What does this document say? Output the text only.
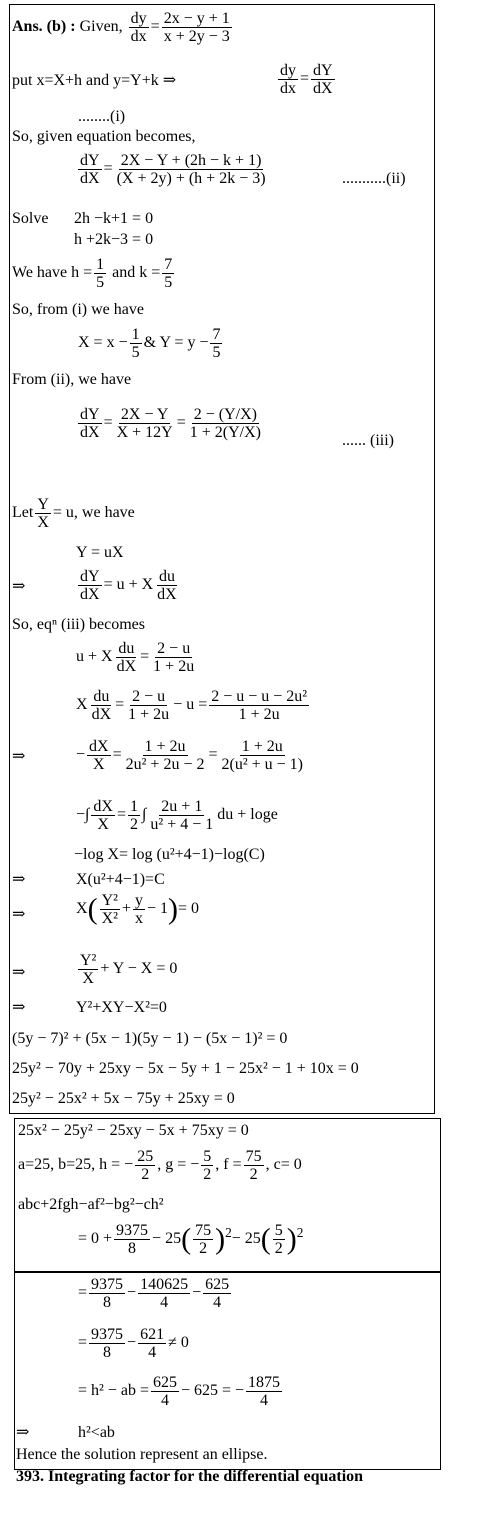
Ans. (b) : Given, $\frac{dy}{dx} = \frac{2x - y + 1}{x + 2y - 3}$
put x=X+h and y=Y+k ⇒	$\frac{dy}{dx} = \frac{dY}{dX}$
........(i)
So, given equation becomes,
$\frac{dY}{dX} = \frac{2X - Y + (2h - k + 1)}{(X + 2y) + (h + 2k - 3)}$	...........(ii)
Solve 2h −k+1 = 0
h +2k−3 = 0
We have $h = \frac{1}{5}$ and $k = \frac{7}{5}$
So, from (i) we have
$X = x - \frac{1}{5}$ & $Y = y - \frac{7}{5}$
From (ii), we have
$\frac{dY}{dX} = \frac{2X - Y}{X + 12Y} = \frac{2 - (Y/X)}{1 + 2(Y/X)}$	...... (iii)
Let $\frac{Y}{X} = u$, we have
Y = uX
⇒	$\frac{dY}{dX} = u + X \frac{du}{dX}$
So, eqⁿ (iii) becomes
u + X $\frac{du}{dX} = \frac{2 - u}{1 + 2u}$
X $\frac{du}{dX} = \frac{2 - u}{1 + 2u} - u = \frac{\text{2 − u − u − 2u²}}{1 + 2u}$
⇒	− $\frac{dX}{X} = \frac{1 + 2u}{\text{2u² + 2u − 2}} = \frac{1 + 2u}{\text{2(u² + u − 1)}}$
−∫ $\frac{dX}{X} = \frac{1}{2}$ ∫ $\frac{2u + 1}{\text{u² + 4 − 1}}$ du + loge
−log X= log (u²+4−1)−log(C)
⇒	X(u²+4−1)=C
⇒	$X( \frac{\text{Y²}}{\text{X²}} + \frac{y}{x} - 1)= 0$
⇒	$\frac{\text{Y²}}{X} + Y - X = 0$
⇒	Y²+XY−X²=0
(5y − 7)² + (5x − 1)(5y − 1) − (5x − 1)² = 0
25y² − 70y + 25xy − 5x − 5y + 1 − 25x² − 1 + 10x = 0
25y² − 25x² + 5x − 75y + 25xy = 0
25x² − 25y² − 25xy − 5x + 75xy = 0
a=25, b=25, h = − $\frac{25}{2}$ , g = − $\frac{5}{2}$ , $f = \frac{75}{2}$ , c= 0
abc+2fgh−af²−bg²−ch²
= $0 + \frac{9375}{8} - 25( \frac{75}{2} )^2- 25( \frac{5}{2} )^2$
= $\frac{9375}{8} - \frac{140625}{4} - \frac{625}{4}$
= $\frac{9375}{8} - \frac{621}{4} \ne 0$
= h² − ab = $\frac{625}{4} - 625$ = − $\frac{1875}{4}$
⇒	h²<ab
Hence the solution represent an ellipse.
393. Integrating factor for the differential equation
